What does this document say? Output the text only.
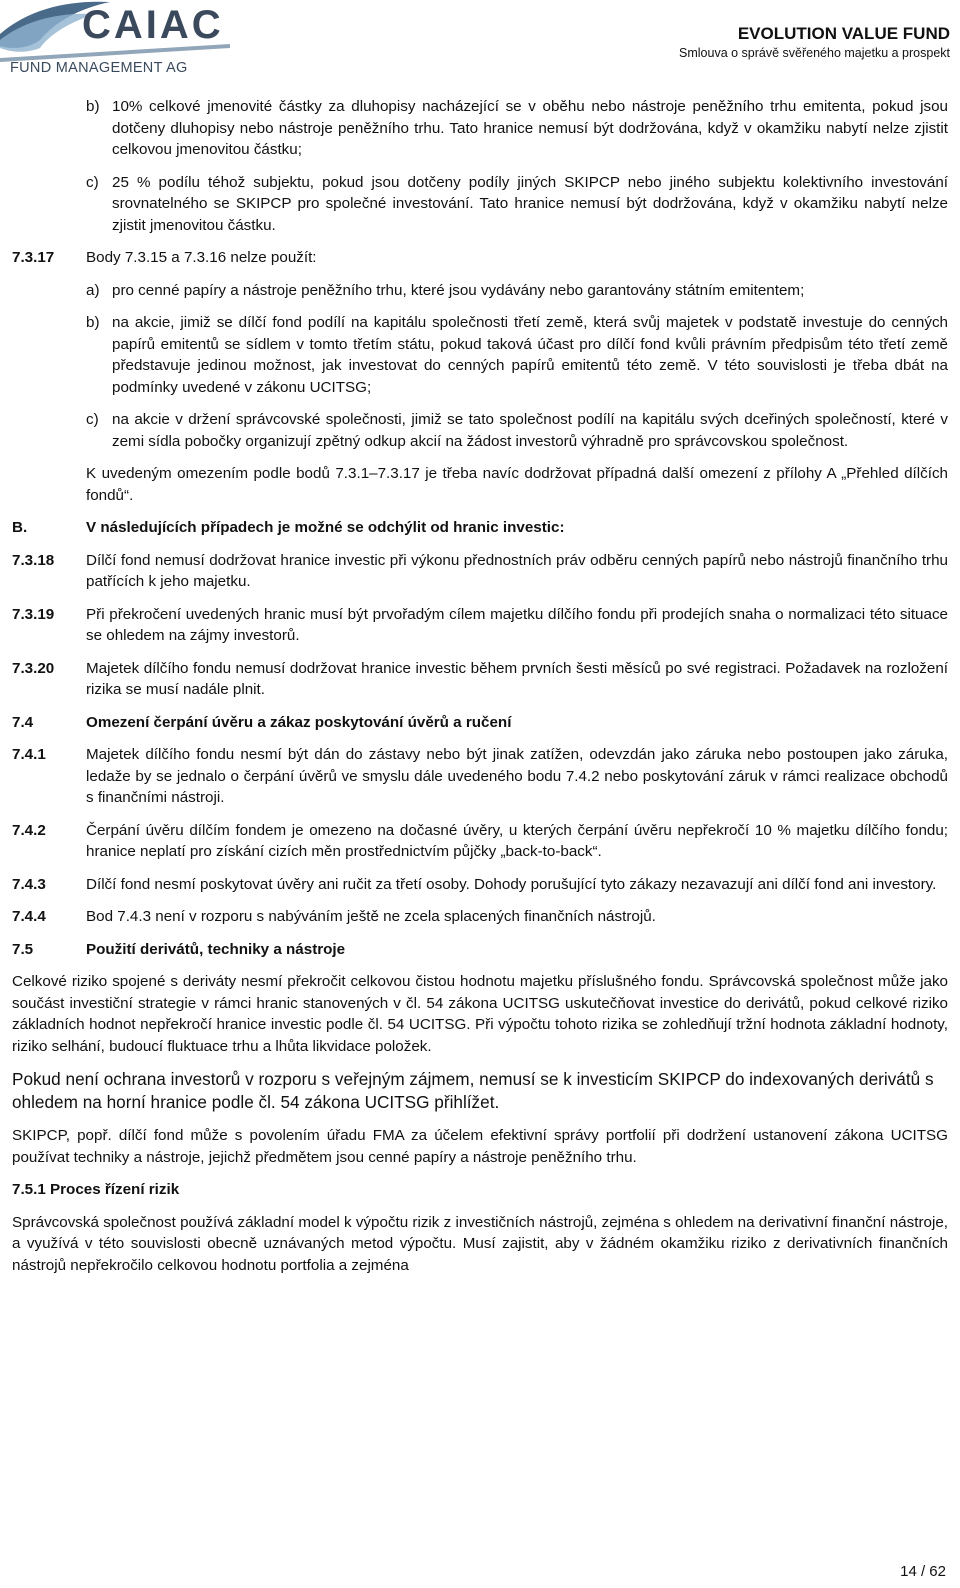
CAIAC
FUND MANAGEMENT AG
EVOLUTION VALUE FUND
Smlouva o správě svěřeného majetku a prospekt
b) 10% celkové jmenovité částky za dluhopisy nacházející se v oběhu nebo nástroje peněžního trhu emitenta, pokud jsou dotčeny dluhopisy nebo nástroje peněžního trhu. Tato hranice nemusí být dodržována, když v okamžiku nabytí nelze zjistit celkovou jmenovitou částku;
c) 25 % podílu téhož subjektu, pokud jsou dotčeny podíly jiných SKIPCP nebo jiného subjektu kolektivního investování srovnatelného se SKIPCP pro společné investování. Tato hranice nemusí být dodržována, když v okamžiku nabytí nelze zjistit jmenovitou částku.
7.3.17	Body 7.3.15 a 7.3.16 nelze použít:
a) pro cenné papíry a nástroje peněžního trhu, které jsou vydávány nebo garantovány státním emitentem;
b) na akcie, jimiž se dílčí fond podílí na kapitálu společnosti třetí země, která svůj majetek v podstatě investuje do cenných papírů emitentů se sídlem v tomto třetím státu, pokud taková účast pro dílčí fond kvůli právním předpisům této třetí země představuje jedinou možnost, jak investovat do cenných papírů emitentů této země. V této souvislosti je třeba dbát na podmínky uvedené v zákonu UCITSG;
c) na akcie v držení správcovské společnosti, jimiž se tato společnost podílí na kapitálu svých dceřiných společností, které v zemi sídla pobočky organizují zpětný odkup akcií na žádost investorů výhradně pro správcovskou společnost.
K uvedeným omezením podle bodů 7.3.1–7.3.17 je třeba navíc dodržovat případná další omezení z přílohy A „Přehled dílčích fondů“.
B.	V následujících případech je možné se odchýlit od hranic investic:
7.3.18	Dílčí fond nemusí dodržovat hranice investic při výkonu přednostních práv odběru cenných papírů nebo nástrojů finančního trhu patřících k jeho majetku.
7.3.19	Při překročení uvedených hranic musí být prvořadým cílem majetku dílčího fondu při prodejích snaha o normalizaci této situace se ohledem na zájmy investorů.
7.3.20	Majetek dílčího fondu nemusí dodržovat hranice investic během prvních šesti měsíců po své registraci. Požadavek na rozložení rizika se musí nadále plnit.
7.4	Omezení čerpání úvěru a zákaz poskytování úvěrů a ručení
7.4.1	Majetek dílčího fondu nesmí být dán do zástavy nebo být jinak zatížen, odevzdán jako záruka nebo postoupen jako záruka, ledaže by se jednalo o čerpání úvěrů ve smyslu dále uvedeného bodu 7.4.2 nebo poskytování záruk v rámci realizace obchodů s finančními nástroji.
7.4.2	Čerpání úvěru dílčím fondem je omezeno na dočasné úvěry, u kterých čerpání úvěru nepřekročí 10 % majetku dílčího fondu; hranice neplatí pro získání cizích měn prostřednictvím půjčky „back-to-back“.
7.4.3	Dílčí fond nesmí poskytovat úvěry ani ručit za třetí osoby. Dohody porušující tyto zákazy nezavazují ani dílčí fond ani investory.
7.4.4	Bod 7.4.3 není v rozporu s nabýváním ještě ne zcela splacených finančních nástrojů.
7.5	Použití derivátů, techniky a nástroje

Celkové riziko spojené s deriváty nesmí překročit celkovou čistou hodnotu majetku příslušného fondu. Správcovská společnost může jako součást investiční strategie v rámci hranic stanovených v čl. 54 zákona UCITSG uskutečňovat investice do derivátů, pokud celkové riziko základních hodnot nepřekročí hranice investic podle čl. 54 UCITSG. Při výpočtu tohoto rizika se zohledňují tržní hodnota základní hodnoty, riziko selhání, budoucí fluktuace trhu a lhůta likvidace položek.

Pokud není ochrana investorů v rozporu s veřejným zájmem, nemusí se k investicím SKIPCP do indexovaných derivátů s ohledem na horní hranice podle čl. 54 zákona UCITSG přihlížet.

SKIPCP, popř. dílčí fond může s povolením úřadu FMA za účelem efektivní správy portfolií při dodržení ustanovení zákona UCITSG používat techniky a nástroje, jejichž předmětem jsou cenné papíry a nástroje peněžního trhu.

7.5.1 Proces řízení rizik

Správcovská společnost používá základní model k výpočtu rizik z investičních nástrojů, zejména s ohledem na derivativní finanční nástroje, a využívá v této souvislosti obecně uznávaných metod výpočtu. Musí zajistit, aby v žádném okamžiku riziko z derivativních finančních nástrojů nepřekročilo celkovou hodnotu portfolia a zejména

14 / 62
